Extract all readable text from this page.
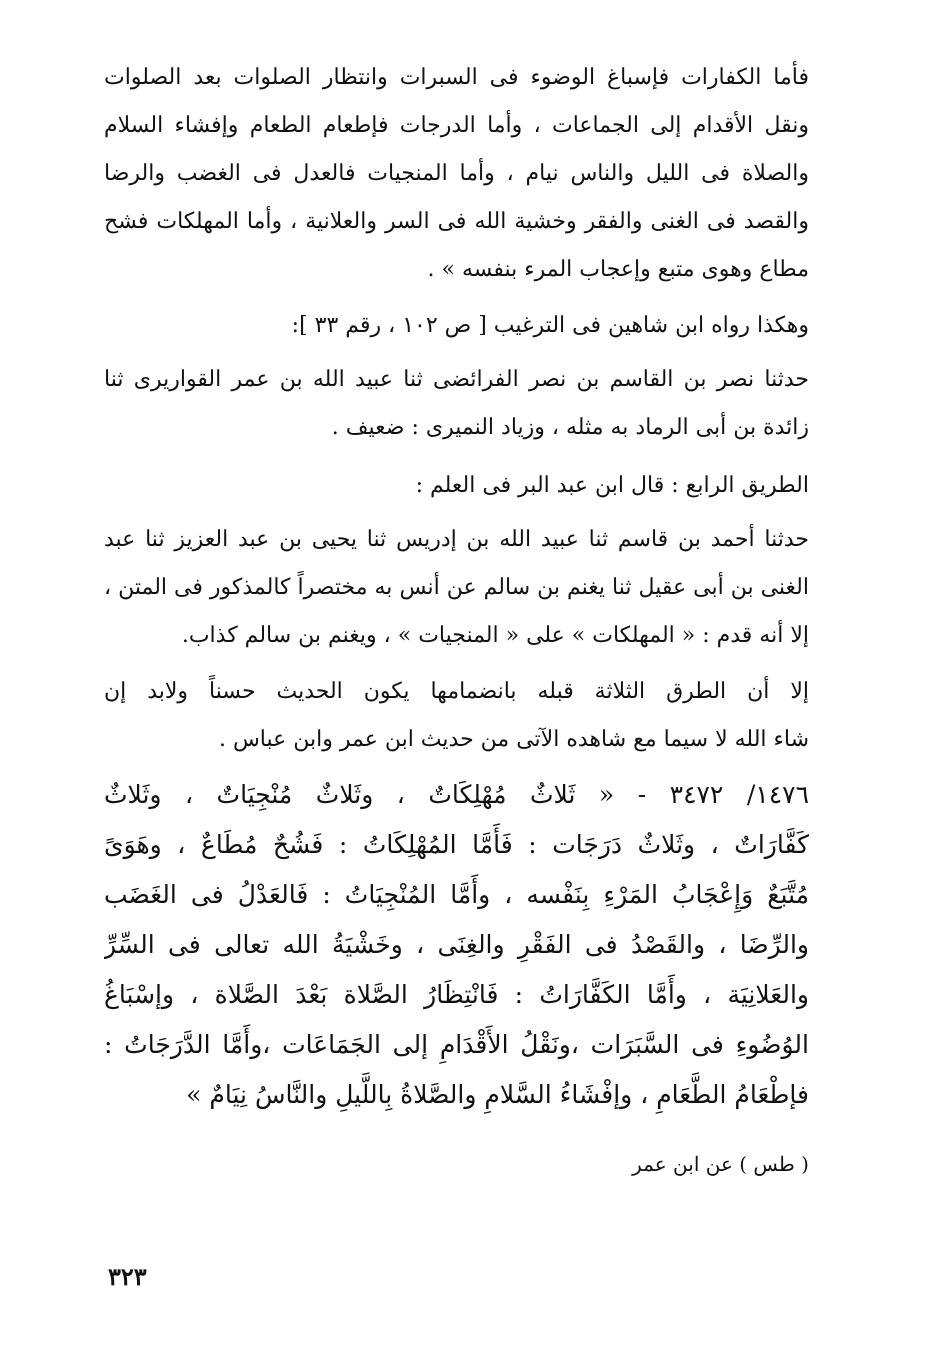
فأما الكفارات فإسباغ الوضوء فى السبرات وانتظار الصلوات بعد الصلوات
ونقل الأقدام إلى الجماعات ، وأما الدرجات فإطعام الطعام وإفشاء السلام
والصلاة فى الليل والناس نيام ، وأما المنجيات فالعدل فى الغضب والرضا
والقصد فى الغنى والفقر وخشية الله فى السر والعلانية ، وأما المهلكات فشح
مطاع وهوى متبع وإعجاب المرء بنفسه » .
وهكذا رواه ابن شاهين فى الترغيب [ ص ١٠٢ ، رقم ٣٣ ]:
حدثنا نصر بن القاسم بن نصر الفرائضى ثنا عبيد الله بن عمر القواريرى ثنا
زائدة بن أبى الرماد به مثله ، وزياد النميرى : ضعيف .
الطريق الرابع : قال ابن عبد البر فى العلم :
حدثنا أحمد بن قاسم ثنا عبيد الله بن إدريس ثنا يحيى بن عبد العزيز ثنا عبد
الغنى بن أبى عقيل ثنا يغنم بن سالم عن أنس به مختصراً كالمذكور فى المتن ،
إلا أنه قدم : « المهلكات » على « المنجيات » ، ويغنم بن سالم كذاب.
إلا أن الطرق الثلاثة قبله بانضمامها يكون الحديث حسناً ولابد إن
شاء الله لا سيما مع شاهده الآتى من حديث ابن عمر وابن عباس .
١٤٧٦/ ٣٤٧٢ - « ثَلاثٌ مُهْلِكَاتٌ ، وثَلاثٌ مُنْجِيَاتٌ ، وثَلاثٌ
كَفَّارَاتٌ ، وثَلاثٌ دَرَجَات : فَأَمَّا المُهْلِكَاتُ : فَشُحٌ مُطَاعٌ ، وهَوَىً
مُتَّبَعٌ وَإِعْجَابُ المَرْءِ بِنَفْسه ، وأَمَّا المُنْجِيَاتُ : فَالعَدْلُ فى الغَضَب
والرِّضَا ، والقَصْدُ فى الفَقْرِ والغِنَى ، وخَشْيَةُ الله تعالى فى السِّرِّ
والعَلانِيَة ، وأَمَّا الكَفَّارَاتُ : فَانْتِظَارُ الصَّلاة بَعْدَ الصَّلاة ، وإسْبَاغُ
الوُضُوءِ فى السَّبَرَات ،ونَقْلُ الأَقْدَامِ إلى الجَمَاعَات ،وأَمَّا الدَّرَجَاتُ :
فإطْعَامُ الطَّعَامِ ، وإفْشَاءُ السَّلامِ والصَّلاةُ بِاللَّيلِ والنَّاسُ نِيَامٌ »
( طس ) عن ابن عمر
٣٢٣
